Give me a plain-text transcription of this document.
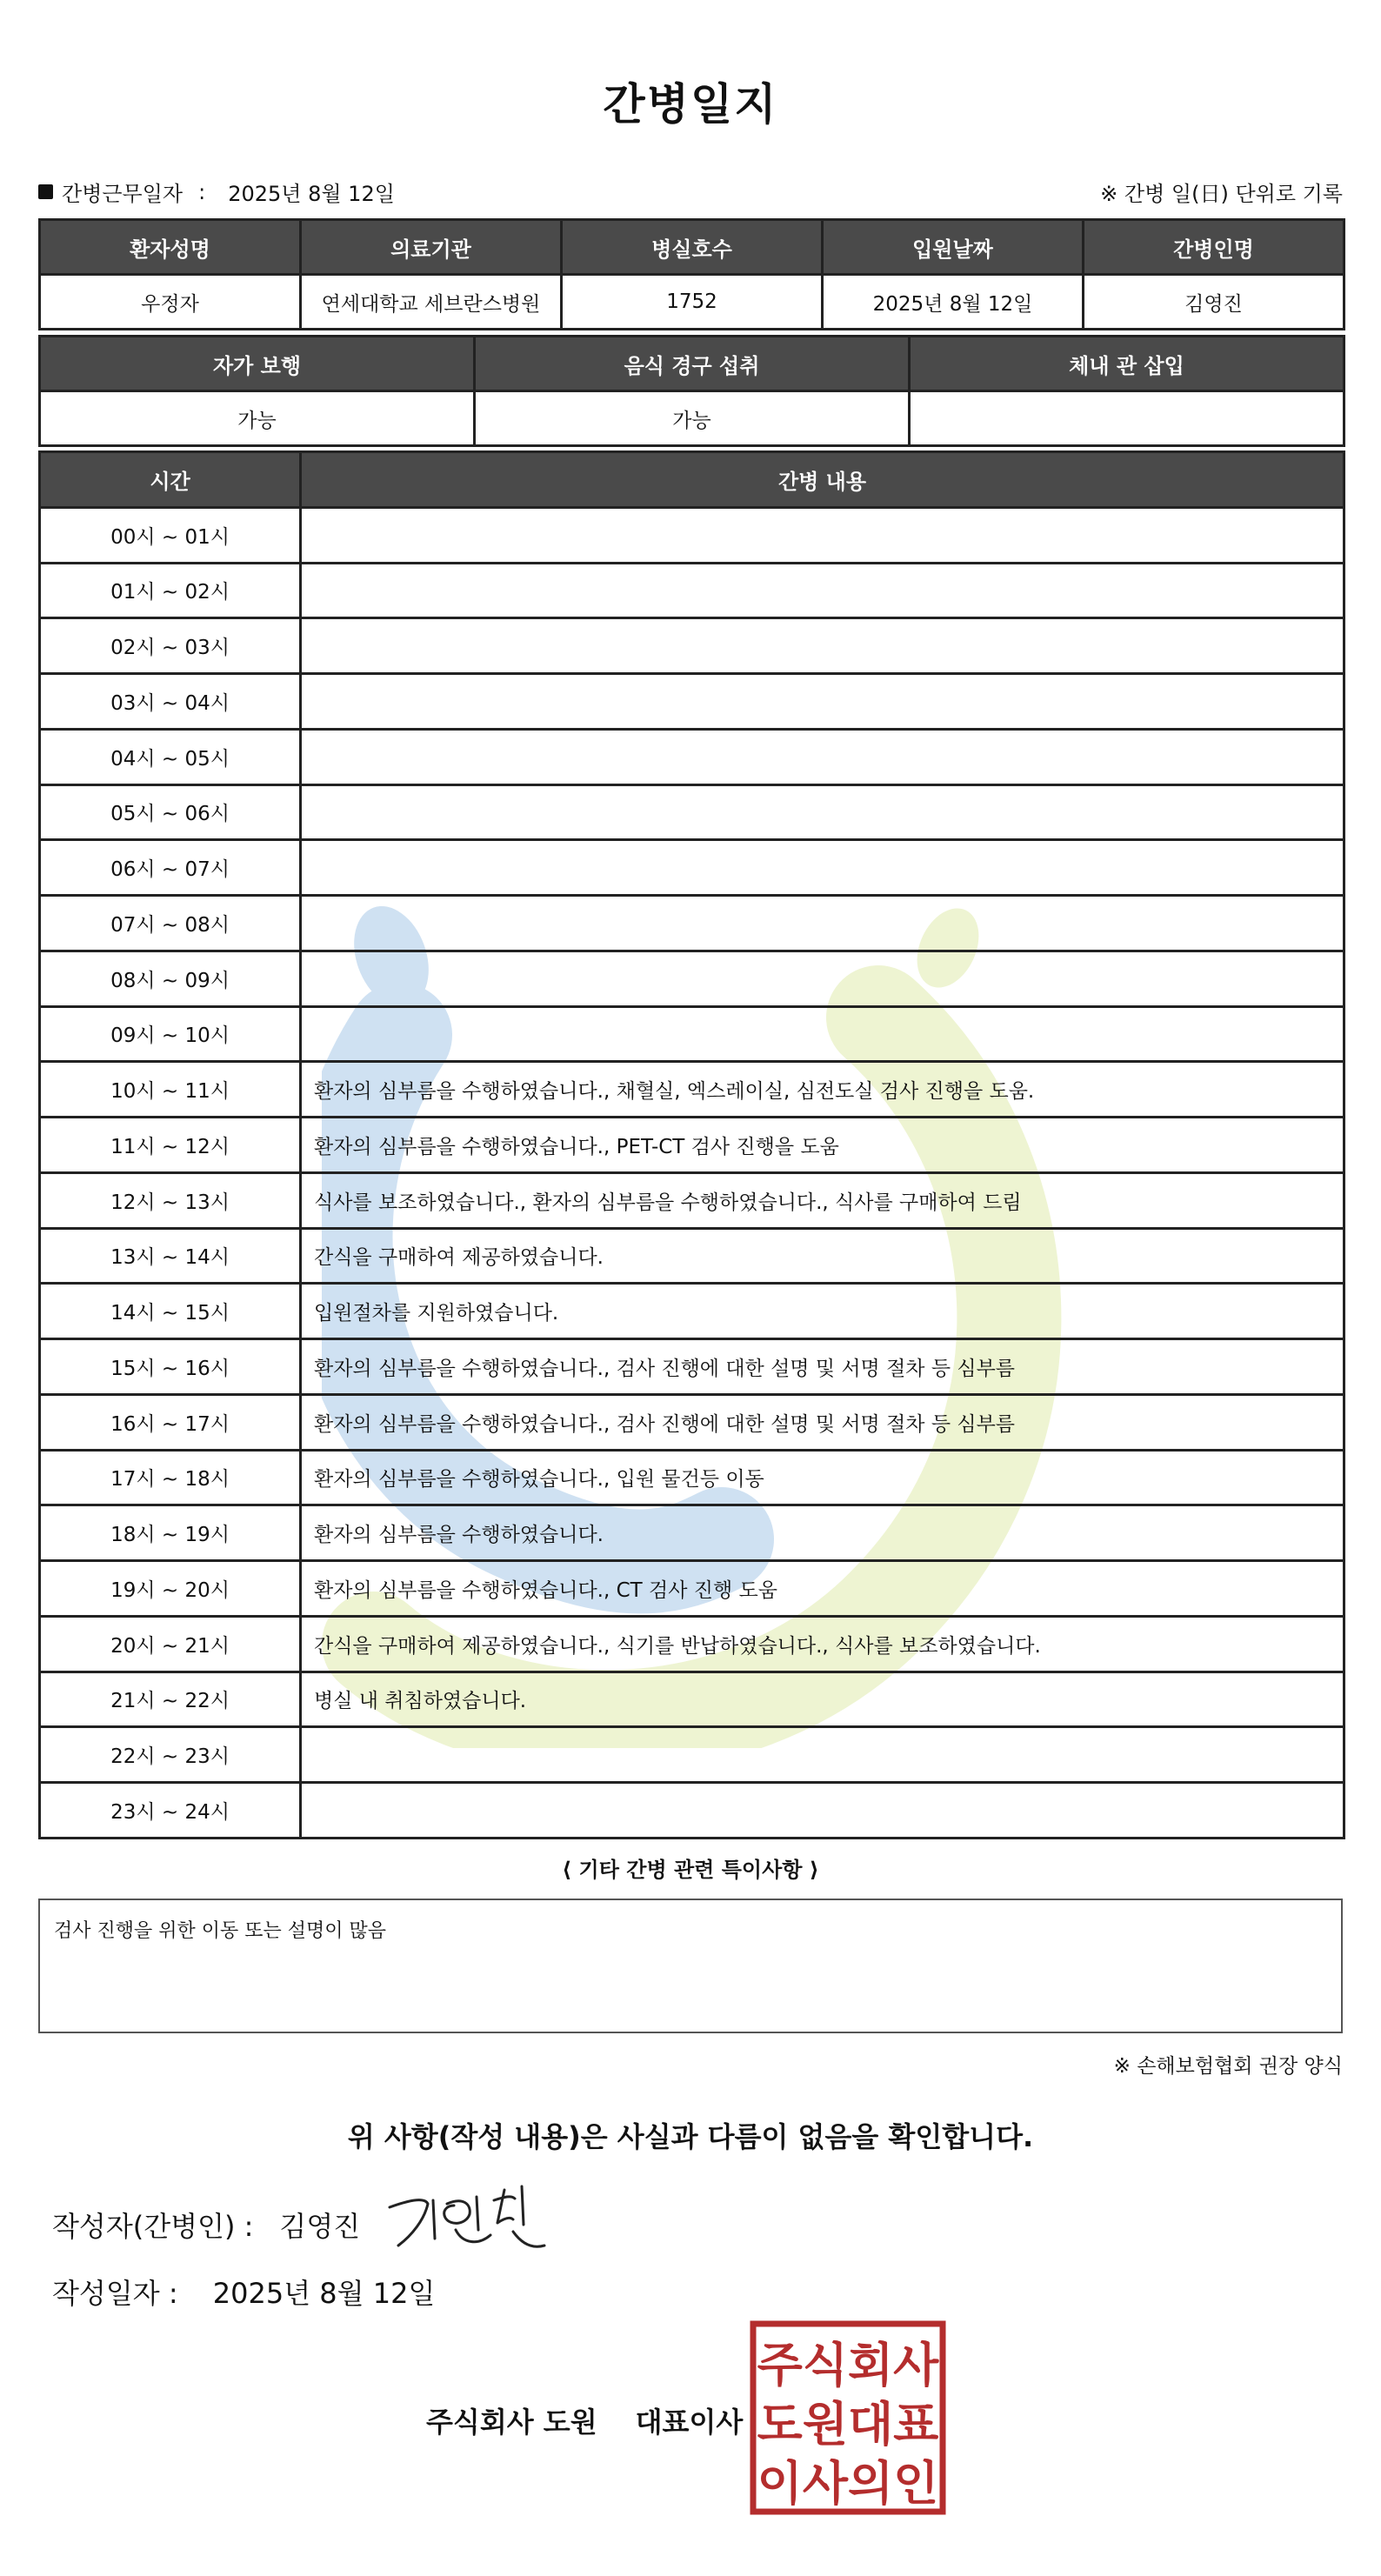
간병일지
간병근무일자 : 2025년 8월 12일	※ 간병 일(日) 단위로 기록
환자성명	의료기관	병실호수	입원날짜	간병인명
우정자	연세대학교 세브란스병원	1752	2025년 8월 12일	김영진
자가 보행	음식 경구 섭취	체내 관 삽입
가능	가능	
시간	간병 내용
00시 ~ 01시	
01시 ~ 02시	
02시 ~ 03시	
03시 ~ 04시	
04시 ~ 05시	
05시 ~ 06시	
06시 ~ 07시	
07시 ~ 08시	
08시 ~ 09시	
09시 ~ 10시	
10시 ~ 11시	환자의 심부름을 수행하였습니다., 채혈실, 엑스레이실, 심전도실 검사 진행을 도움.
11시 ~ 12시	환자의 심부름을 수행하였습니다., PET-CT 검사 진행을 도움
12시 ~ 13시	식사를 보조하였습니다., 환자의 심부름을 수행하였습니다., 식사를 구매하여 드림
13시 ~ 14시	간식을 구매하여 제공하였습니다.
14시 ~ 15시	입원절차를 지원하였습니다.
15시 ~ 16시	환자의 심부름을 수행하였습니다., 검사 진행에 대한 설명 및 서명 절차 등 심부름
16시 ~ 17시	환자의 심부름을 수행하였습니다., 검사 진행에 대한 설명 및 서명 절차 등 심부름
17시 ~ 18시	환자의 심부름을 수행하였습니다., 입원 물건등 이동
18시 ~ 19시	환자의 심부름을 수행하였습니다.
19시 ~ 20시	환자의 심부름을 수행하였습니다., CT 검사 진행 도움
20시 ~ 21시	간식을 구매하여 제공하였습니다., 식기를 반납하였습니다., 식사를 보조하였습니다.
21시 ~ 22시	병실 내 취침하였습니다.
22시 ~ 23시	
23시 ~ 24시	
⟨ 기타 간병 관련 특이사항 ⟩
검사 진행을 위한 이동 또는 설명이 많음
※ 손해보험협회 권장 양식
위 사항(작성 내용)은 사실과 다름이 없음을 확인합니다.
작성자(간병인) : 김영진
작성일자 : 2025년 8월 12일
주식회사 도원 대표이사
주식회사
도원대표
이사의인
